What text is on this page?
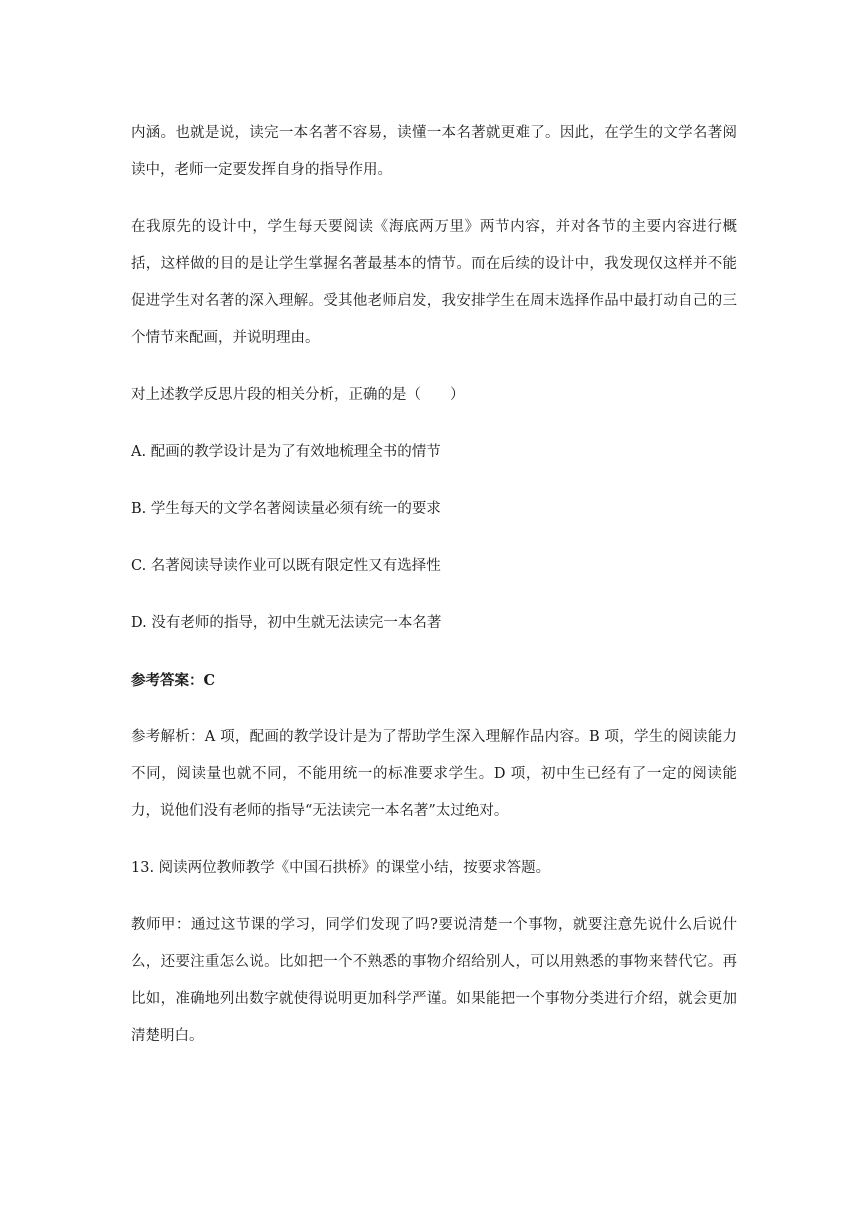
内涵。也就是说，读完一本名著不容易，读懂一本名著就更难了。因此，在学生的文学名著阅读中，老师一定要发挥自身的指导作用。

在我原先的设计中，学生每天要阅读《海底两万里》两节内容，并对各节的主要内容进行概括，这样做的目的是让学生掌握名著最基本的情节。而在后续的设计中，我发现仅这样并不能促进学生对名著的深入理解。受其他老师启发，我安排学生在周末选择作品中最打动自己的三个情节来配画，并说明理由。

对上述教学反思片段的相关分析，正确的是（　　）

A. 配画的教学设计是为了有效地梳理全书的情节

B. 学生每天的文学名著阅读量必须有统一的要求

C. 名著阅读导读作业可以既有限定性又有选择性

D. 没有老师的指导，初中生就无法读完一本名著

参考答案：C

参考解析：A 项，配画的教学设计是为了帮助学生深入理解作品内容。B 项，学生的阅读能力不同，阅读量也就不同，不能用统一的标准要求学生。D 项，初中生已经有了一定的阅读能力，说他们没有老师的指导“无法读完一本名著”太过绝对。

13. 阅读两位教师教学《中国石拱桥》的课堂小结，按要求答题。

教师甲：通过这节课的学习，同学们发现了吗?要说清楚一个事物，就要注意先说什么后说什么，还要注重怎么说。比如把一个不熟悉的事物介绍给别人，可以用熟悉的事物来替代它。再比如，准确地列出数字就使得说明更加科学严谨。如果能把一个事物分类进行介绍，就会更加清楚明白。
